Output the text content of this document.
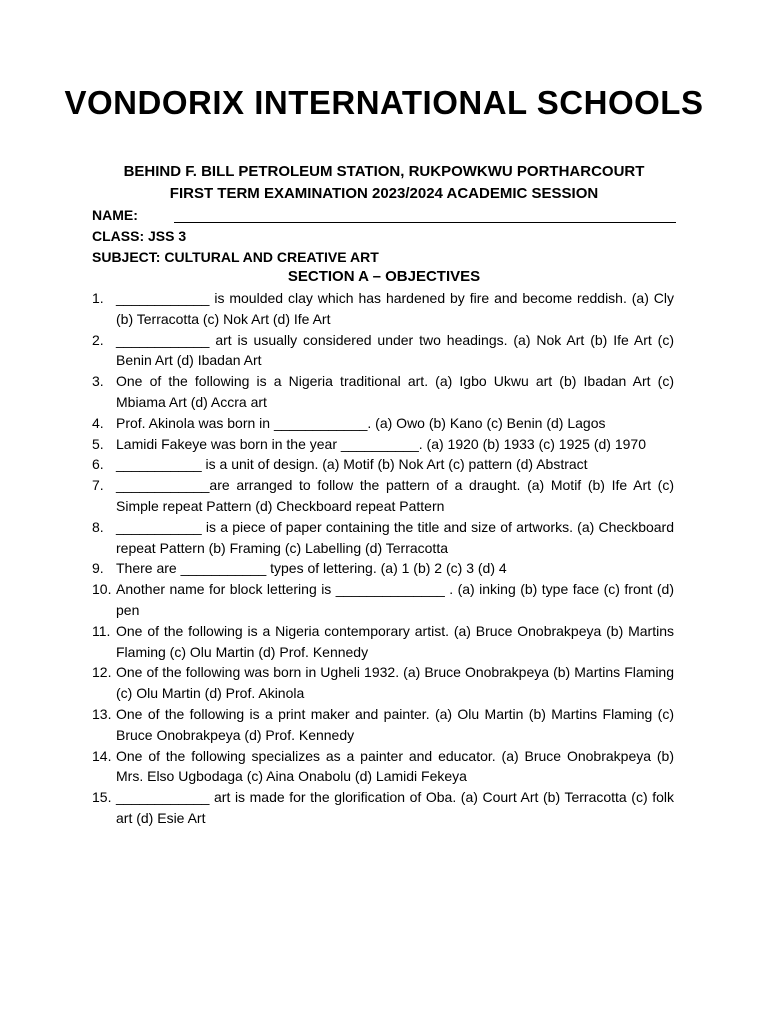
VONDORIX INTERNATIONAL SCHOOLS
BEHIND F. BILL PETROLEUM STATION, RUKPOWKWU PORTHARCOURT
FIRST TERM EXAMINATION 2023/2024 ACADEMIC SESSION
NAME:
CLASS: JSS 3
SUBJECT: CULTURAL AND CREATIVE ART
SECTION A – OBJECTIVES
1. ____________ is moulded clay which has hardened by fire and become reddish. (a) Cly (b) Terracotta (c) Nok Art (d) Ife Art
2. ____________ art is usually considered under two headings. (a) Nok Art (b) Ife Art (c) Benin Art (d) Ibadan Art
3. One of the following is a Nigeria traditional art. (a) Igbo Ukwu art (b) Ibadan Art (c) Mbiama Art (d) Accra art
4. Prof. Akinola was born in ____________. (a) Owo (b) Kano (c) Benin (d) Lagos
5. Lamidi Fakeye was born in the year __________. (a) 1920 (b) 1933 (c) 1925 (d) 1970
6. ___________ is a unit of design. (a) Motif (b) Nok Art (c) pattern (d) Abstract
7. ____________are arranged to follow the pattern of a draught. (a) Motif (b) Ife Art (c) Simple repeat Pattern (d) Checkboard repeat Pattern
8. ___________ is a piece of paper containing the title and size of artworks. (a) Checkboard repeat Pattern (b) Framing (c) Labelling (d) Terracotta
9. There are ___________ types of lettering. (a) 1 (b) 2 (c) 3 (d) 4
10. Another name for block lettering is ______________ . (a) inking (b) type face (c) front (d) pen
11. One of the following is a Nigeria contemporary artist. (a) Bruce Onobrakpeya (b) Martins Flaming (c) Olu Martin (d) Prof. Kennedy
12. One of the following was born in Ugheli 1932. (a) Bruce Onobrakpeya (b) Martins Flaming (c) Olu Martin (d) Prof. Akinola
13. One of the following is a print maker and painter. (a) Olu Martin (b) Martins Flaming (c) Bruce Onobrakpeya (d) Prof. Kennedy
14. One of the following specializes as a painter and educator. (a) Bruce Onobrakpeya (b) Mrs. Elso Ugbodaga (c) Aina Onabolu (d) Lamidi Fekeya
15. ____________ art is made for the glorification of Oba. (a) Court Art (b) Terracotta (c) folk art (d) Esie Art
